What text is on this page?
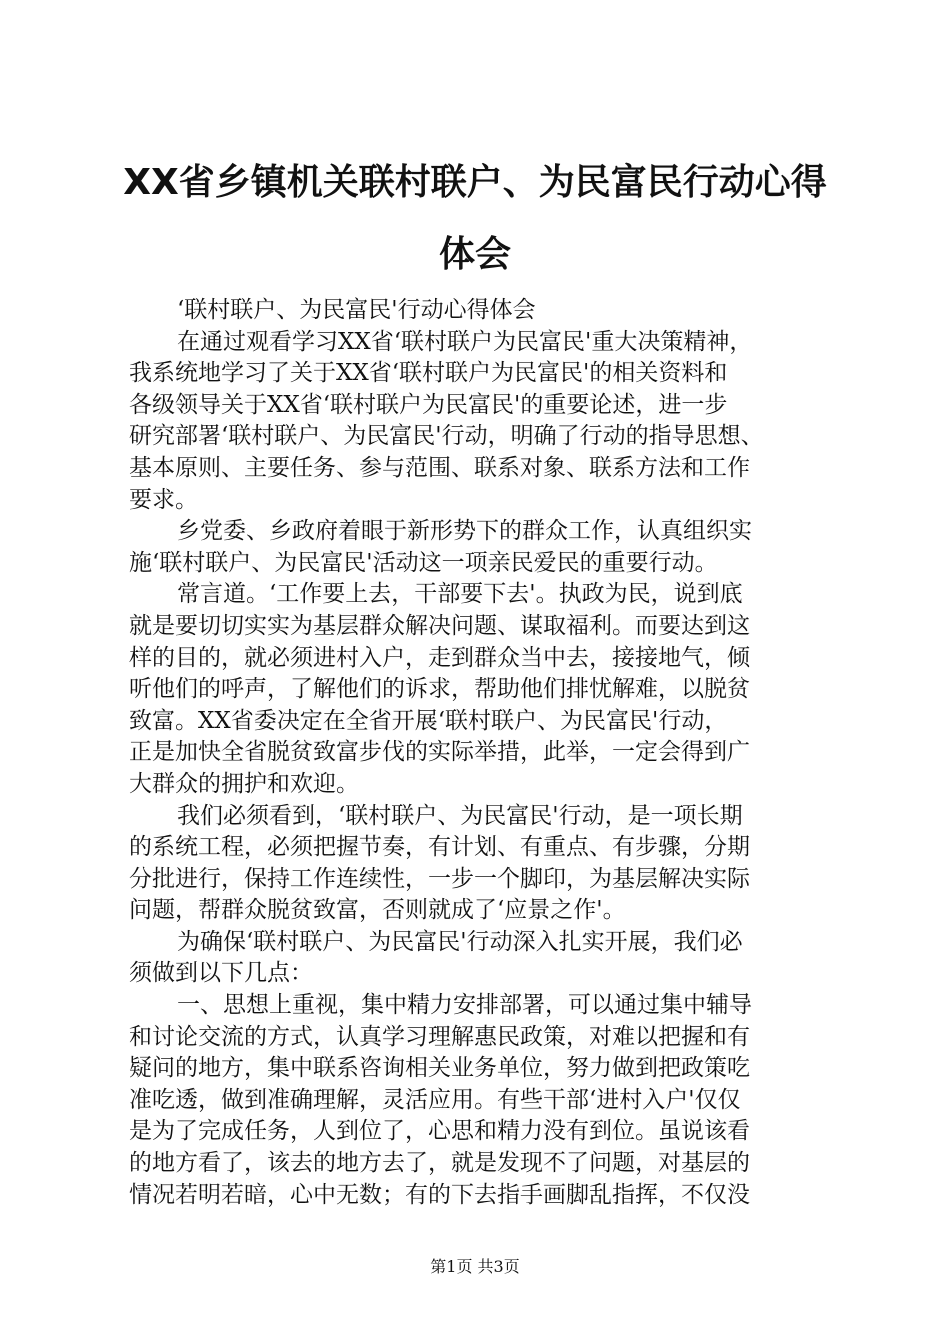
XX省乡镇机关联村联户、为民富民行动心得
体会
‘联村联户、为民富民'行动心得体会
在通过观看学习XX省‘联村联户为民富民'重大决策精神，
我系统地学习了关于XX省‘联村联户为民富民'的相关资料和
各级领导关于XX省‘联村联户为民富民'的重要论述，进一步
研究部署‘联村联户、为民富民'行动，明确了行动的指导思想、
基本原则、主要任务、参与范围、联系对象、联系方法和工作
要求。
乡党委、乡政府着眼于新形势下的群众工作，认真组织实
施‘联村联户、为民富民'活动这一项亲民爱民的重要行动。
常言道。‘工作要上去，干部要下去'。执政为民，说到底
就是要切切实实为基层群众解决问题、谋取福利。而要达到这
样的目的，就必须进村入户，走到群众当中去，接接地气，倾
听他们的呼声，了解他们的诉求，帮助他们排忧解难，以脱贫
致富。XX省委决定在全省开展‘联村联户、为民富民'行动，
正是加快全省脱贫致富步伐的实际举措，此举，一定会得到广
大群众的拥护和欢迎。
我们必须看到，‘联村联户、为民富民'行动，是一项长期
的系统工程，必须把握节奏，有计划、有重点、有步骤，分期
分批进行，保持工作连续性，一步一个脚印，为基层解决实际
问题，帮群众脱贫致富，否则就成了‘应景之作'。
为确保‘联村联户、为民富民'行动深入扎实开展，我们必
须做到以下几点：
一、思想上重视，集中精力安排部署，可以通过集中辅导
和讨论交流的方式，认真学习理解惠民政策，对难以把握和有
疑问的地方，集中联系咨询相关业务单位，努力做到把政策吃
准吃透，做到准确理解，灵活应用。有些干部‘进村入户'仅仅
是为了完成任务，人到位了，心思和精力没有到位。虽说该看
的地方看了，该去的地方去了，就是发现不了问题，对基层的
情况若明若暗，心中无数；有的下去指手画脚乱指挥，不仅没
第1页 共3页
